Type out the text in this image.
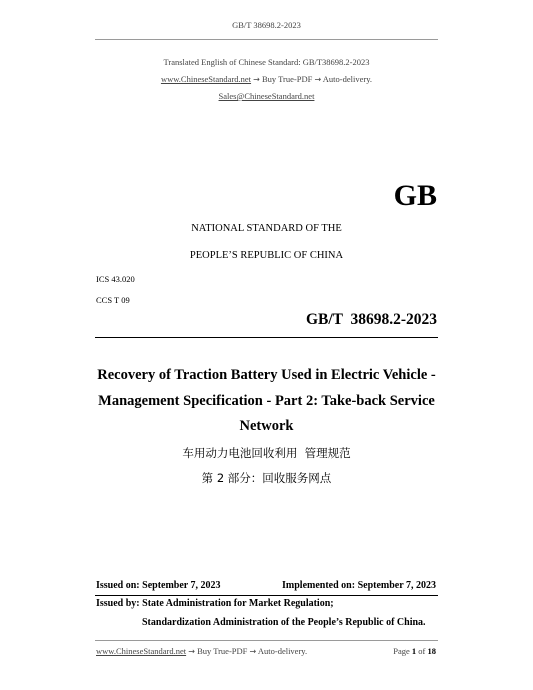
GB/T 38698.2-2023
Translated English of Chinese Standard: GB/T38698.2-2023
www.ChineseStandard.net → Buy True-PDF → Auto-delivery.
Sales@ChineseStandard.net
GB
NATIONAL STANDARD OF THE
PEOPLE’S REPUBLIC OF CHINA
ICS 43.020
CCS T 09
GB/T  38698.2-2023
Recovery of Traction Battery Used in Electric Vehicle -
Management Specification - Part 2: Take-back Service
Network
车用动力电池回收利用  管理规范
第 2 部分：回收服务网点
Issued on: September 7, 2023	Implemented on: September 7, 2023
Issued by: State Administration for Market Regulation;
Standardization Administration of the People’s Republic of China.
www.ChineseStandard.net → Buy True-PDF → Auto-delivery.	Page 1 of 18
